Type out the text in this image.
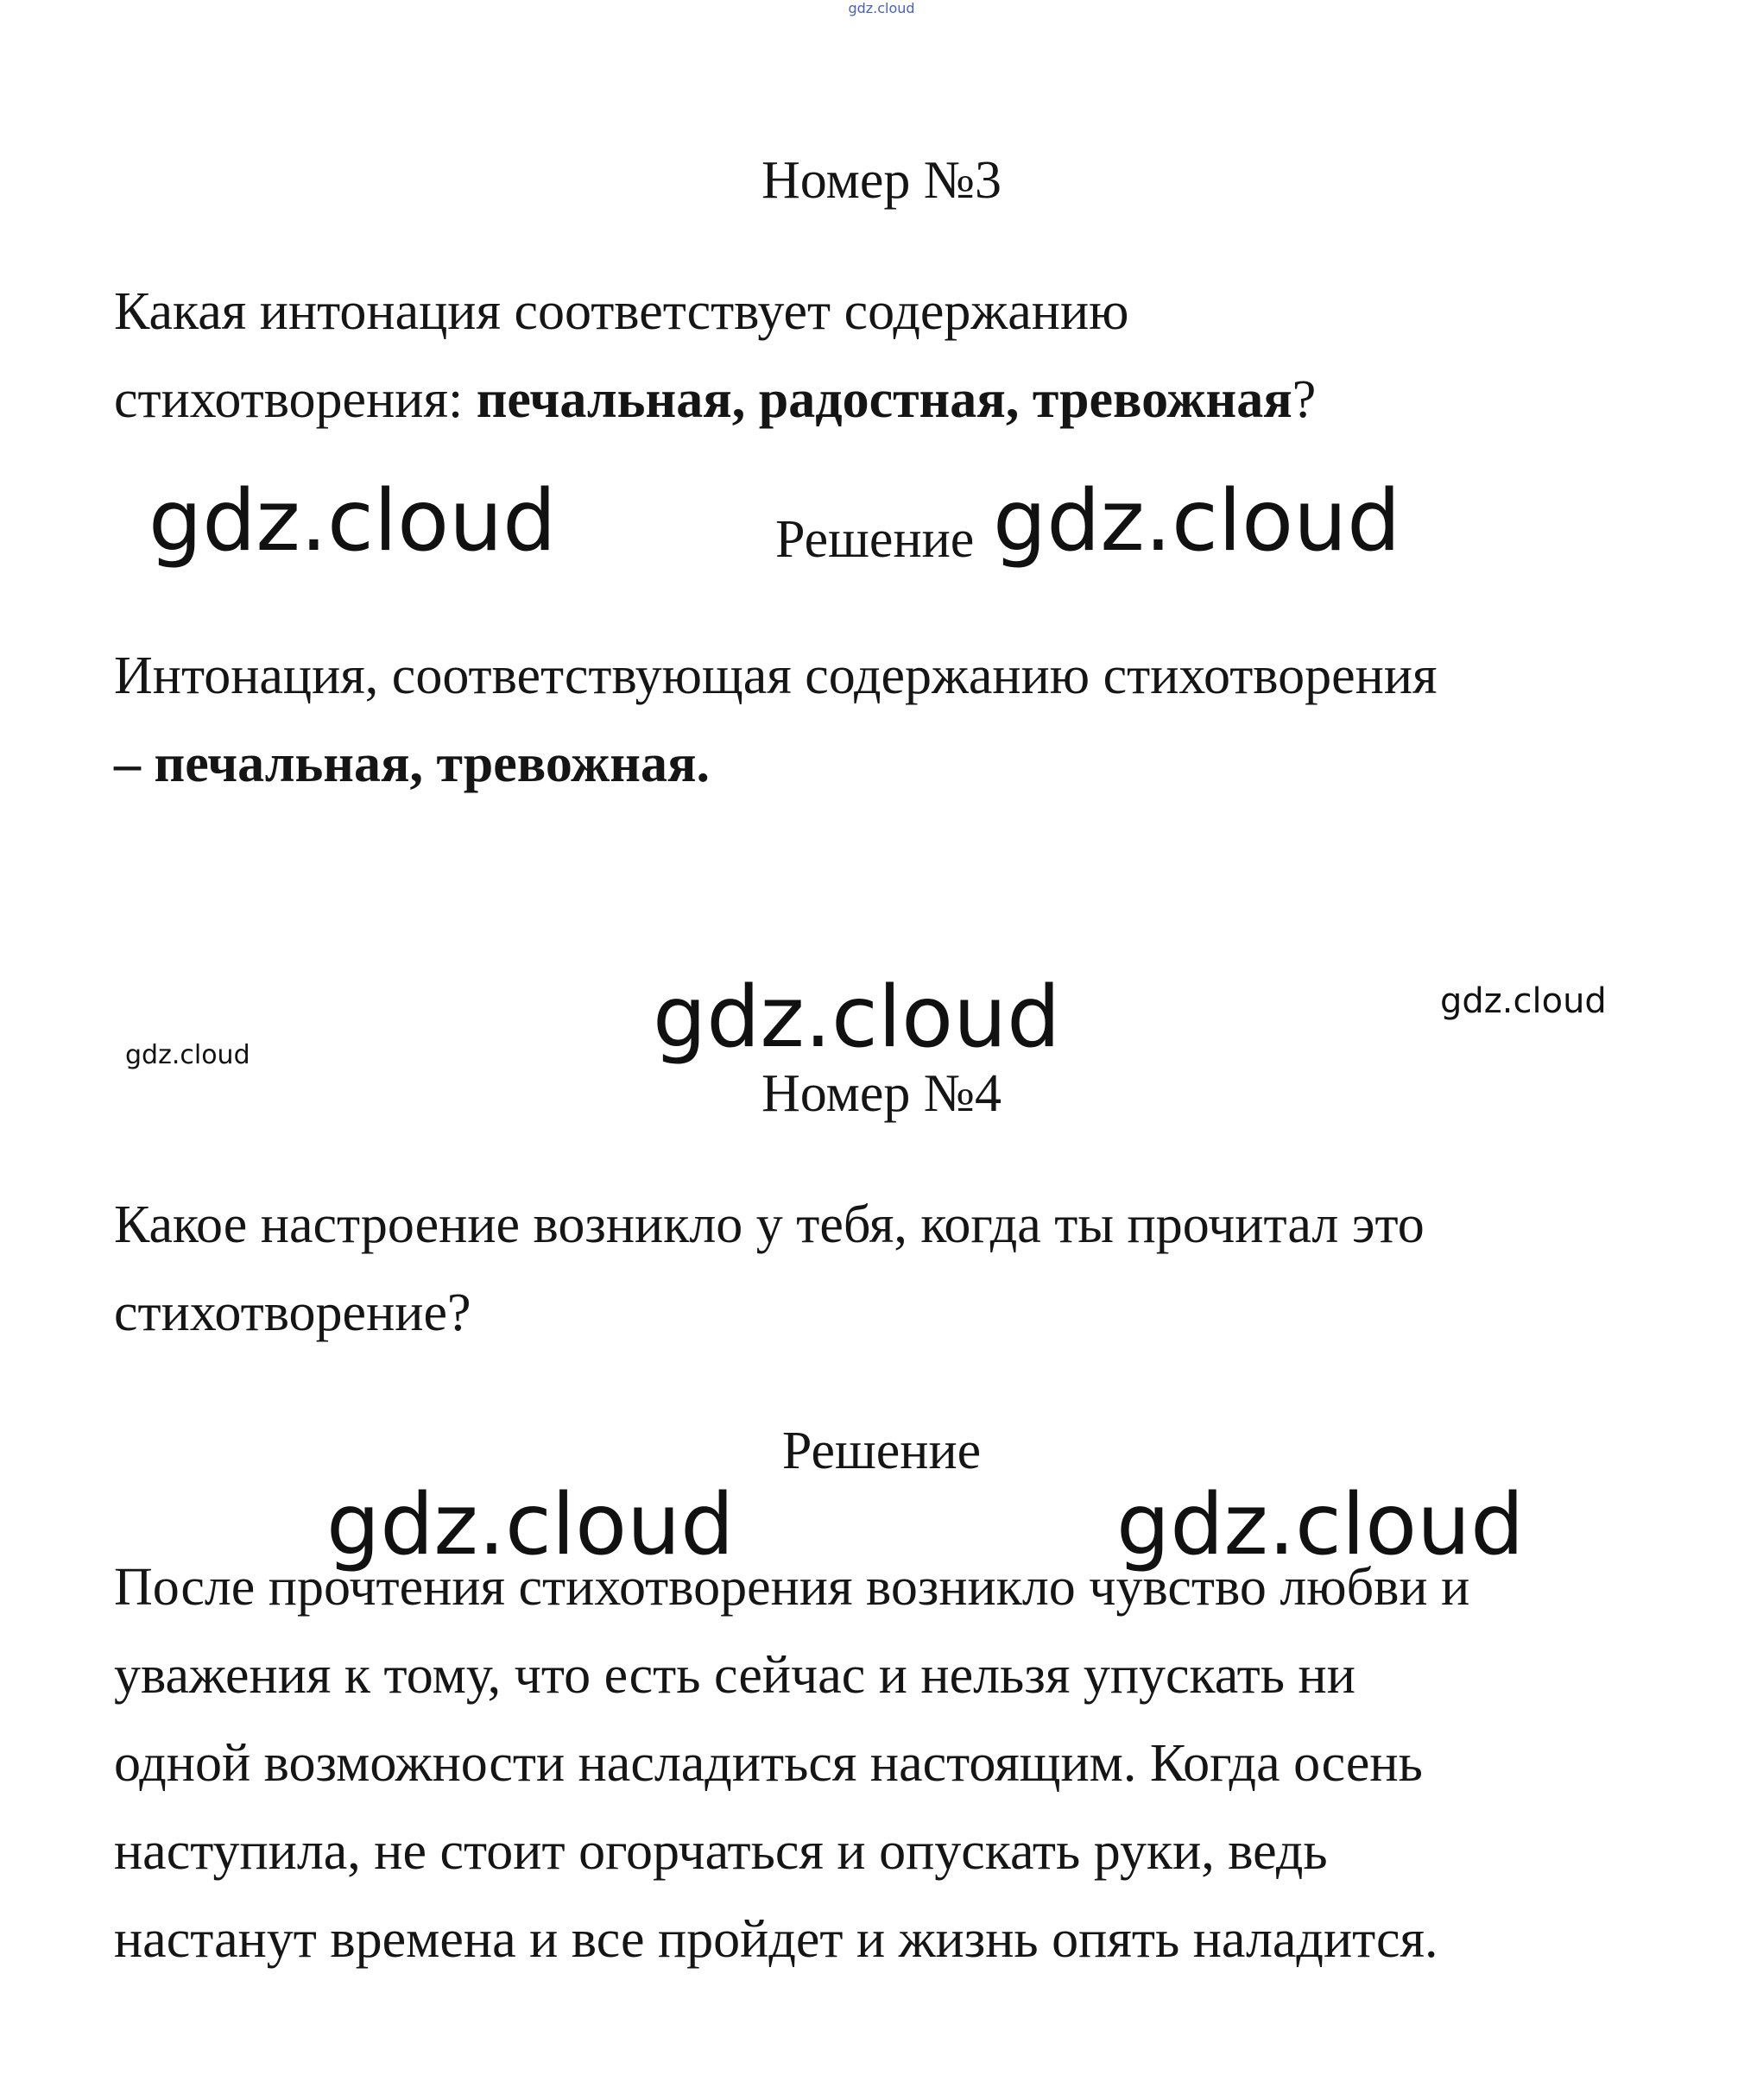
gdz.cloud
Номер №3

Какая интонация соответствует содержанию
стихотворения: печальная, радостная, тревожная?

gdz.cloud	Решение gdz.cloud

Интонация, соответствующая содержанию стихотворения
– печальная, тревожная.

gdz.cloud
gdz.cloud
gdz.cloud
Номер №4

Какое настроение возникло у тебя, когда ты прочитал это
стихотворение?

Решение
gdz.cloud	gdz.cloud

После прочтения стихотворения возникло чувство любви и
уважения к тому, что есть сейчас и нельзя упускать ни
одной возможности насладиться настоящим. Когда осень
наступила, не стоит огорчаться и опускать руки, ведь
настанут времена и все пройдет и жизнь опять наладится.
